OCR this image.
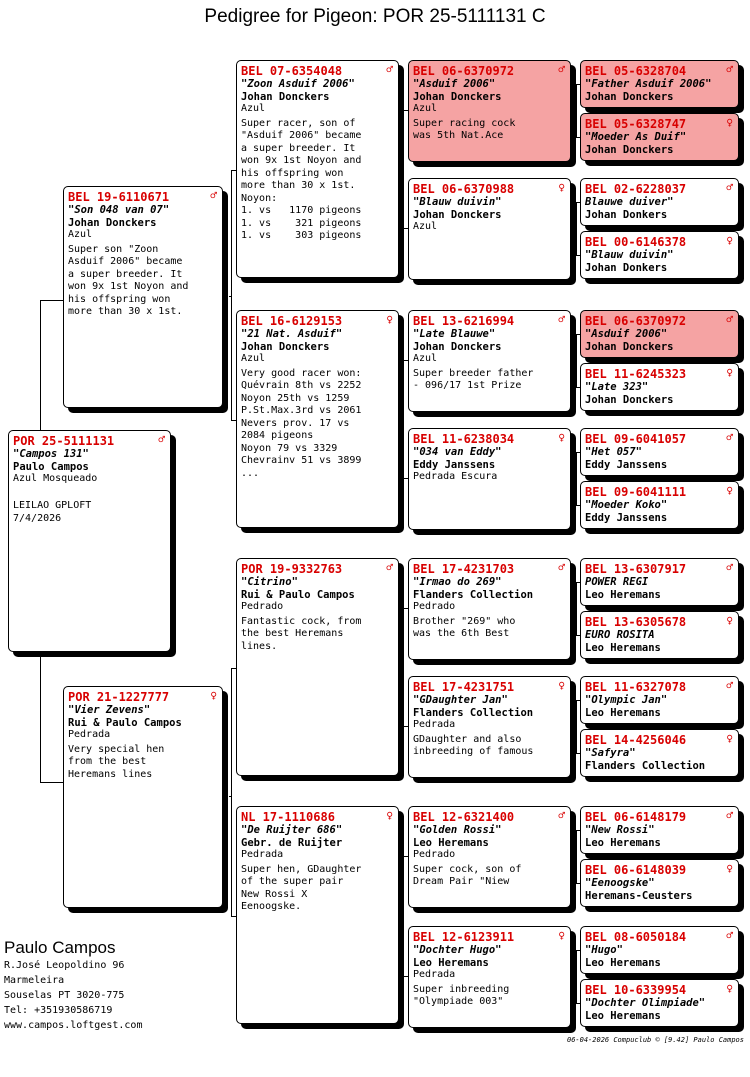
Pedigree for Pigeon: POR 25-5111131 C
POR 25-5111131	♂
"Campos 131"
Paulo Campos
Azul Mosqueado

LEILAO GPLOFT
7/4/2026
BEL 19-6110671	♂
"Son 048 van 07"
Johan Donckers
Azul
Super son "Zoon
Asduif 2006" became
a super breeder. It
won 9x 1st Noyon and
his offspring won
more than 30 x 1st.
POR 21-1227777	♀
"Vier Zevens"
Rui & Paulo Campos
Pedrada
Very special hen
from the best
Heremans lines
BEL 07-6354048	♂
"Zoon Asduif 2006"
Johan Donckers
Azul
Super racer, son of
"Asduif 2006" became
a super breeder. It
won 9x 1st Noyon and
his offspring won
more than 30 x 1st.
Noyon:
1. vs   1170 pigeons
1. vs    321 pigeons
1. vs    303 pigeons
BEL 16-6129153	♀
"21 Nat. Asduif"
Johan Donckers
Azul
Very good racer won:
Quévrain 8th vs 2252
Noyon 25th vs 1259
P.St.Max.3rd vs 2061
Nevers prov. 17 vs
2084 pigeons
Noyon 79 vs 3329
Chevrainv 51 vs 3899
...
POR 19-9332763	♂
"Citrino"
Rui & Paulo Campos
Pedrado
Fantastic cock, from
the best Heremans
lines.
NL 17-1110686	♀
"De Ruijter 686"
Gebr. de Ruijter
Pedrada
Super hen, GDaughter
of the super pair
New Rossi X
Eenoogske.
BEL 06-6370972	♂
"Asduif 2006"
Johan Donckers
Azul
Super racing cock
was 5th Nat.Ace
BEL 06-6370988	♀
"Blauw duivin"
Johan Donckers
Azul
BEL 13-6216994	♂
"Late Blauwe"
Johan Donckers
Azul
Super breeder father
- 096/17 1st Prize
BEL 11-6238034	♀
"034 van Eddy"
Eddy Janssens
Pedrada Escura
BEL 17-4231703	♂
"Irmao do 269"
Flanders Collection
Pedrado
Brother "269" who
was the 6th Best
BEL 17-4231751	♀
"GDaughter Jan"
Flanders Collection
Pedrada
GDaughter and also
inbreeding of famous
BEL 12-6321400	♂
"Golden Rossi"
Leo Heremans
Pedrado
Super cock, son of
Dream Pair "Niew
BEL 12-6123911	♀
"Dochter Hugo"
Leo Heremans
Pedrada
Super inbreeding
"Olympiade 003"
BEL 05-6328704	♂
"Father Asduif 2006"
Johan Donckers
BEL 05-6328747	♀
"Moeder As Duif"
Johan Donckers
BEL 02-6228037	♂
Blauwe duiver"
Johan Donkers
BEL 00-6146378	♀
"Blauw duivin"
Johan Donkers
BEL 06-6370972	♂
"Asduif 2006"
Johan Donckers
BEL 11-6245323	♀
"Late 323"
Johan Donckers
BEL 09-6041057	♂
"Het 057"
Eddy Janssens
BEL 09-6041111	♀
"Moeder Koko"
Eddy Janssens
BEL 13-6307917	♂
POWER REGI
Leo Heremans
BEL 13-6305678	♀
EURO ROSITA
Leo Heremans
BEL 11-6327078	♂
"Olympic Jan"
Leo Heremans
BEL 14-4256046	♀
"Safyra"
Flanders Collection
BEL 06-6148179	♂
"New Rossi"
Leo Heremans
BEL 06-6148039	♀
"Eenoogske"
Heremans-Ceusters
BEL 08-6050184	♂
"Hugo"
Leo Heremans
BEL 10-6339954	♀
"Dochter Olimpiade"
Leo Heremans
Paulo Campos
R.José Leopoldino 96
Marmeleira
Souselas PT 3020-775
Tel: +351930586719
www.campos.loftgest.com
06-04-2026 Compuclub © [9.42] Paulo Campos
